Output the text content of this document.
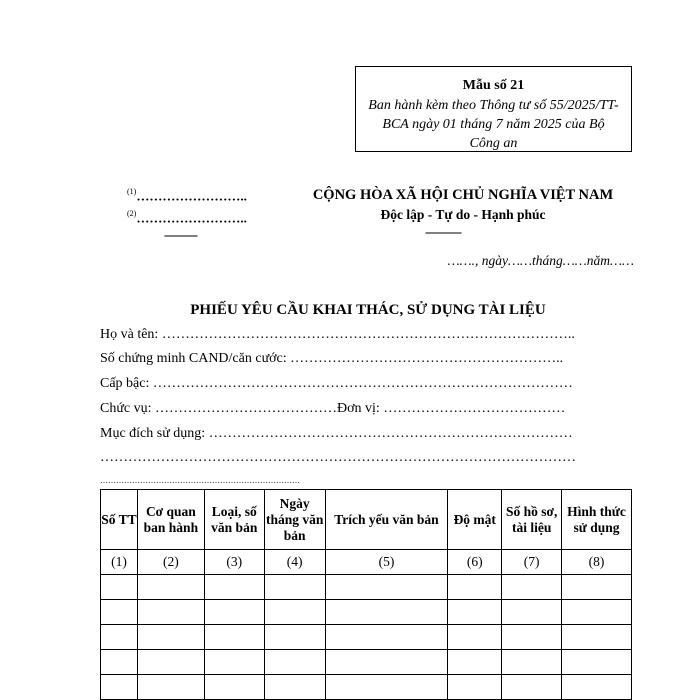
Mẫu số 21
Ban hành kèm theo Thông tư số 55/2025/TT-
BCA ngày 01 tháng 7 năm 2025 của Bộ
Công an
$^{(1)}$……………………..
$^{(2)}$……………………..
-----------
CỘNG HÒA XÃ HỘI CHỦ NGHĨA VIỆT NAM
Độc lập - Tự do - Hạnh phúc
------------
……., ngày……tháng……năm……
PHIẾU YÊU CẦU KHAI THÁC, SỬ DỤNG TÀI LIỆU
Họ và tên: ……………………………………………………………………………..
Số chứng minh CAND/căn cước: …………………………………………………..
Cấp bậc: ………………………………………………………………………………
Chức vụ: …………………………………Đơn vị: …………………………………
Mục đích sử dụng: ……………………………………………………………………
…………………………………………………………………………………………
…………………………………………………………………
Số TT	Cơ quan ban hành	Loại, số văn bản	Ngày tháng văn bản	Trích yếu văn bản	Độ mật	Số hồ sơ, tài liệu	Hình thức sử dụng
(1)	(2)	(3)	(4)	(5)	(6)	(7)	(8)
